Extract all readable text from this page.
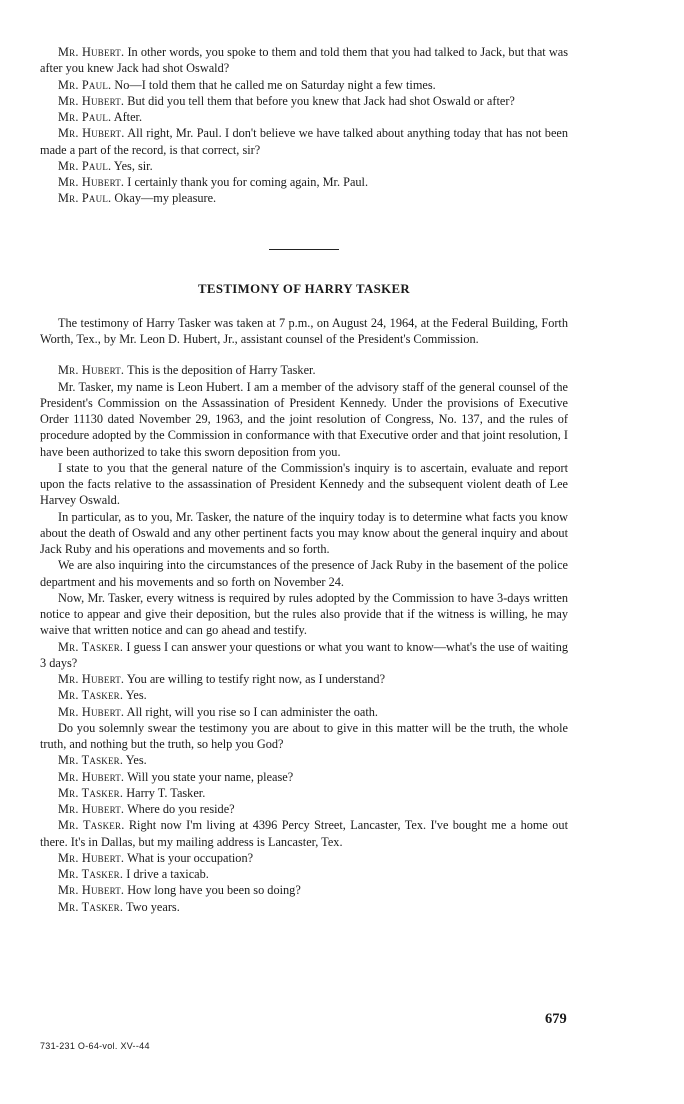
Mr. Hubert. In other words, you spoke to them and told them that you had talked to Jack, but that was after you knew Jack had shot Oswald?

Mr. Paul. No—I told them that he called me on Saturday night a few times.

Mr. Hubert. But did you tell them that before you knew that Jack had shot Oswald or after?

Mr. Paul. After.

Mr. Hubert. All right, Mr. Paul. I don't believe we have talked about anything today that has not been made a part of the record, is that correct, sir?

Mr. Paul. Yes, sir.

Mr. Hubert. I certainly thank you for coming again, Mr. Paul.

Mr. Paul. Okay—my pleasure.

TESTIMONY OF HARRY TASKER

The testimony of Harry Tasker was taken at 7 p.m., on August 24, 1964, at the Federal Building, Forth Worth, Tex., by Mr. Leon D. Hubert, Jr., assistant counsel of the President's Commission.

Mr. Hubert. This is the deposition of Harry Tasker.

Mr. Tasker, my name is Leon Hubert. I am a member of the advisory staff of the general counsel of the President's Commission on the Assassination of President Kennedy. Under the provisions of Executive Order 11130 dated November 29, 1963, and the joint resolution of Congress, No. 137, and the rules of procedure adopted by the Commission in conformance with that Executive order and that joint resolution, I have been authorized to take this sworn deposition from you.

I state to you that the general nature of the Commission's inquiry is to ascertain, evaluate and report upon the facts relative to the assassination of President Kennedy and the subsequent violent death of Lee Harvey Oswald.

In particular, as to you, Mr. Tasker, the nature of the inquiry today is to determine what facts you know about the death of Oswald and any other pertinent facts you may know about the general inquiry and about Jack Ruby and his operations and movements and so forth.

We are also inquiring into the circumstances of the presence of Jack Ruby in the basement of the police department and his movements and so forth on November 24.

Now, Mr. Tasker, every witness is required by rules adopted by the Commission to have 3-days written notice to appear and give their deposition, but the rules also provide that if the witness is willing, he may waive that written notice and can go ahead and testify.

Mr. Tasker. I guess I can answer your questions or what you want to know—what's the use of waiting 3 days?

Mr. Hubert. You are willing to testify right now, as I understand?

Mr. Tasker. Yes.

Mr. Hubert. All right, will you rise so I can administer the oath.

Do you solemnly swear the testimony you are about to give in this matter will be the truth, the whole truth, and nothing but the truth, so help you God?

Mr. Tasker. Yes.

Mr. Hubert. Will you state your name, please?

Mr. Tasker. Harry T. Tasker.

Mr. Hubert. Where do you reside?

Mr. Tasker. Right now I'm living at 4396 Percy Street, Lancaster, Tex. I've bought me a home out there. It's in Dallas, but my mailing address is Lancaster, Tex.

Mr. Hubert. What is your occupation?

Mr. Tasker. I drive a taxicab.

Mr. Hubert. How long have you been so doing?

Mr. Tasker. Two years.

679
731-231 O-64-vol. XV--44
